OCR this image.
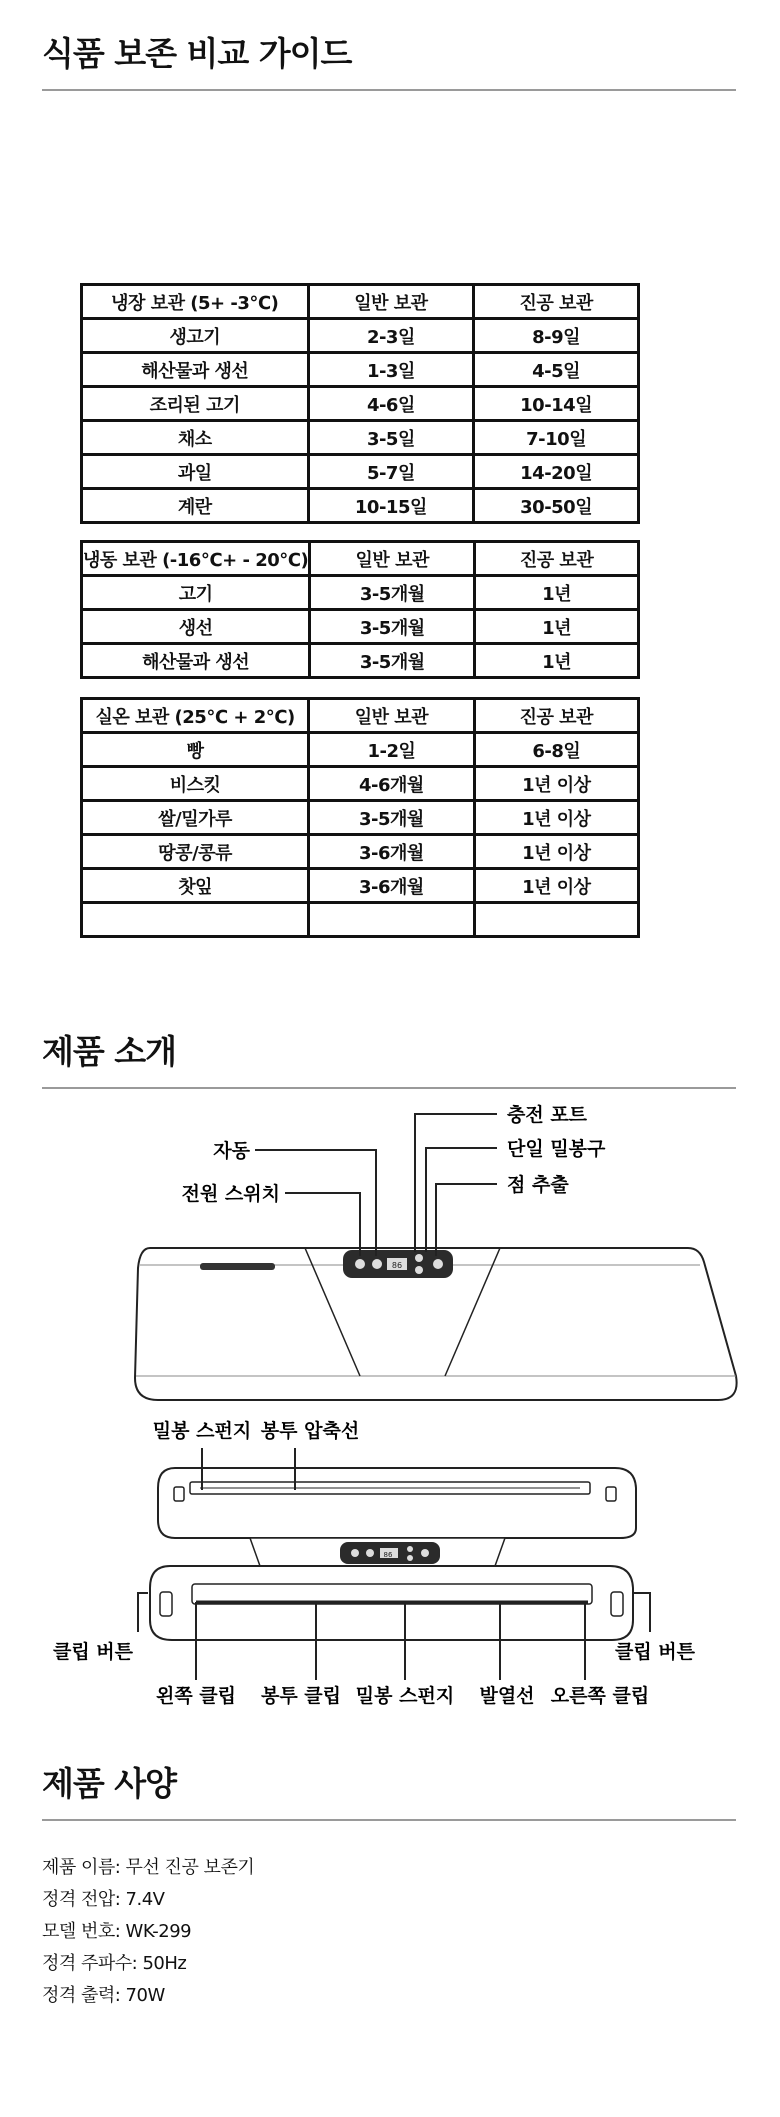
식품 보존 비교 가이드
냉장 보관 (5+ -3℃)	일반 보관	진공 보관
생고기	2-3일	8-9일
해산물과 생선	1-3일	4-5일
조리된 고기	4-6일	10-14일
채소	3-5일	7-10일
과일	5-7일	14-20일
계란	10-15일	30-50일
냉동 보관 (-16℃+ - 20℃)	일반 보관	진공 보관
고기	3-5개월	1년
생선	3-5개월	1년
해산물과 생선	3-5개월	1년
실온 보관 (25℃ + 2℃)	일반 보관	진공 보관
빵	1-2일	6-8일
비스킷	4-6개월	1년 이상
쌀/밀가루	3-5개월	1년 이상
땅콩/콩류	3-6개월	1년 이상
찻잎	3-6개월	1년 이상

제품 소개
86
자동
전원 스위치
충전 포트
단일 밀봉구
점 추출
86
밀봉 스펀지 봉투 압축선
클립 버튼	클립 버튼
왼쪽 클립 봉투 클립 밀봉 스펀지 발열선 오른쪽 클립
제품 사양
제품 이름: 무선 진공 보존기
정격 전압: 7.4V
모델 번호: WK-299
정격 주파수: 50Hz
정격 출력: 70W
